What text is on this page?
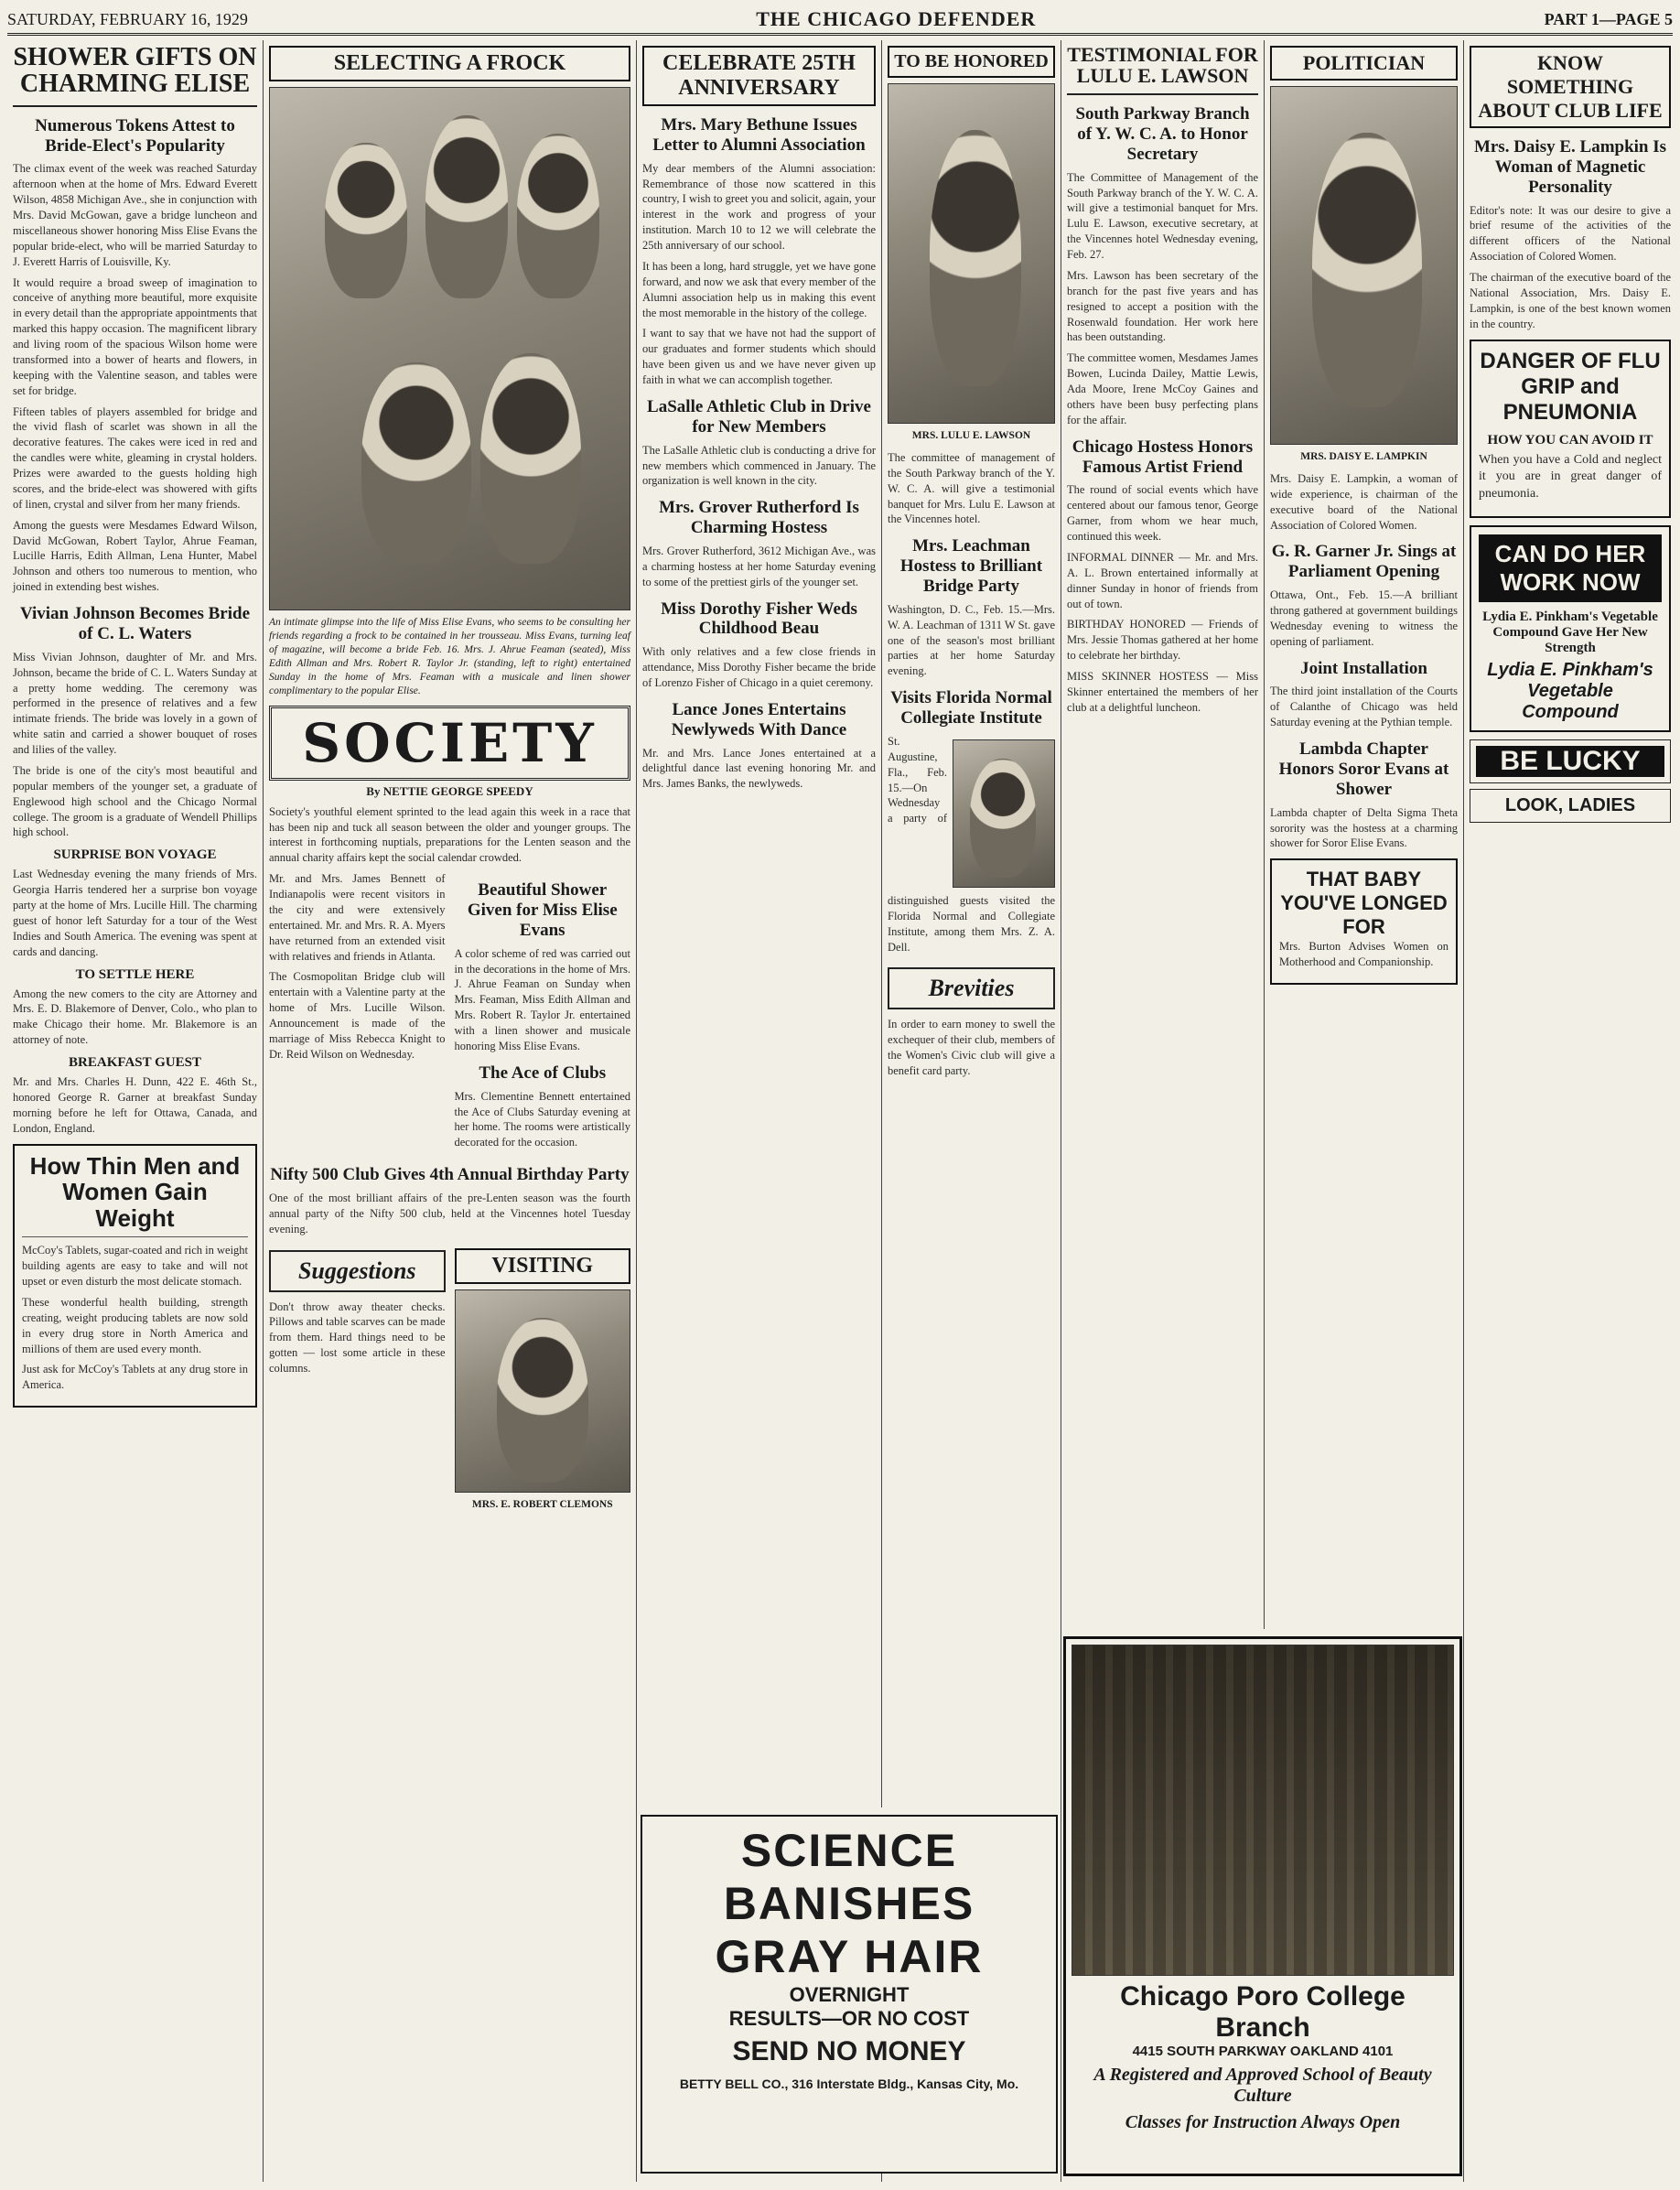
SATURDAY, FEBRUARY 16, 1929	THE CHICAGO DEFENDER	PART 1—PAGE 5
SHOWER GIFTS ON CHARMING ELISE
Numerous Tokens Attest to Bride-Elect's Popularity

The climax event of the week was reached Saturday afternoon when at the home of Mrs. Edward Everett Wilson, 4858 Michigan Ave., she in conjunction with Mrs. David McGowan, gave a bridge luncheon and miscellaneous shower honoring Miss Elise Evans the popular bride-elect, who will be married Saturday to J. Everett Harris of Louisville, Ky.

It would require a broad sweep of imagination to conceive of anything more beautiful, more exquisite in every detail than the appropriate appointments that marked this happy occasion. The magnificent library and living room of the spacious Wilson home were transformed into a bower of hearts and flowers, in keeping with the Valentine season, and tables were set for bridge.

Fifteen tables of players assembled for bridge and the vivid flash of scarlet was shown in all the decorative features. The cakes were iced in red and the candles were white, gleaming in crystal holders. Prizes were awarded to the guests holding high scores, and the bride-elect was showered with gifts of linen, crystal and silver from her many friends.

Among the guests were Mesdames Edward Wilson, David McGowan, Robert Taylor, Ahrue Feaman, Lucille Harris, Edith Allman, Lena Hunter, Mabel Johnson and others too numerous to mention, who joined in extending best wishes.

Vivian Johnson Becomes Bride of C. L. Waters

Miss Vivian Johnson, daughter of Mr. and Mrs. Johnson, became the bride of C. L. Waters Sunday at a pretty home wedding. The ceremony was performed in the presence of relatives and a few intimate friends. The bride was lovely in a gown of white satin and carried a shower bouquet of roses and lilies of the valley.

The bride is one of the city's most beautiful and popular members of the younger set, a graduate of Englewood high school and the Chicago Normal college. The groom is a graduate of Wendell Phillips high school.

SURPRISE BON VOYAGE

Last Wednesday evening the many friends of Mrs. Georgia Harris tendered her a surprise bon voyage party at the home of Mrs. Lucille Hill. The charming guest of honor left Saturday for a tour of the West Indies and South America. The evening was spent at cards and dancing.

TO SETTLE HERE

Among the new comers to the city are Attorney and Mrs. E. D. Blakemore of Denver, Colo., who plan to make Chicago their home. Mr. Blakemore is an attorney of note.

BREAKFAST GUEST

Mr. and Mrs. Charles H. Dunn, 422 E. 46th St., honored George R. Garner at breakfast Sunday morning before he left for Ottawa, Canada, and London, England.

How Thin Men and Women Gain Weight

McCoy's Tablets, sugar-coated and rich in weight building agents are easy to take and will not upset or even disturb the most delicate stomach.

These wonderful health building, strength creating, weight producing tablets are now sold in every drug store in North America and millions of them are used every month.

Just ask for McCoy's Tablets at any drug store in America.

SELECTING A FROCK
An intimate glimpse into the life of Miss Elise Evans, who seems to be consulting her friends regarding a frock to be contained in her trousseau. Miss Evans, turning leaf of magazine, will become a bride Feb. 16. Mrs. J. Ahrue Feaman (seated), Miss Edith Allman and Mrs. Robert R. Taylor Jr. (standing, left to right) entertained Sunday in the home of Mrs. Feaman with a musicale and linen shower complimentary to the popular Elise.
SOCIETY
By NETTIE GEORGE SPEEDY

Society's youthful element sprinted to the lead again this week in a race that has been nip and tuck all season between the older and younger groups. The interest in forthcoming nuptials, preparations for the Lenten season and the annual charity affairs kept the social calendar crowded.

Mr. and Mrs. James Bennett of Indianapolis were recent visitors in the city and were extensively entertained. Mr. and Mrs. R. A. Myers have returned from an extended visit with relatives and friends in Atlanta.

The Cosmopolitan Bridge club will entertain with a Valentine party at the home of Mrs. Lucille Wilson. Announcement is made of the marriage of Miss Rebecca Knight to Dr. Reid Wilson on Wednesday.

Beautiful Shower Given for Miss Elise Evans

A color scheme of red was carried out in the decorations in the home of Mrs. J. Ahrue Feaman on Sunday when Mrs. Feaman, Miss Edith Allman and Mrs. Robert R. Taylor Jr. entertained with a linen shower and musicale honoring Miss Elise Evans.

The Ace of Clubs

Mrs. Clementine Bennett entertained the Ace of Clubs Saturday evening at her home. The rooms were artistically decorated for the occasion.

Nifty 500 Club Gives 4th Annual Birthday Party

One of the most brilliant affairs of the pre-Lenten season was the fourth annual party of the Nifty 500 club, held at the Vincennes hotel Tuesday evening.

Suggestions

Don't throw away theater checks. Pillows and table scarves can be made from them. Hard things need to be gotten — lost some article in these columns.

VISITING
MRS. E. ROBERT CLEMONS
CELEBRATE 25TH ANNIVERSARY
Mrs. Mary Bethune Issues Letter to Alumni Association

My dear members of the Alumni association: Remembrance of those now scattered in this country, I wish to greet you and solicit, again, your interest in the work and progress of your institution. March 10 to 12 we will celebrate the 25th anniversary of our school.

It has been a long, hard struggle, yet we have gone forward, and now we ask that every member of the Alumni association help us in making this event the most memorable in the history of the college.

I want to say that we have not had the support of our graduates and former students which should have been given us and we have never given up faith in what we can accomplish together.

LaSalle Athletic Club in Drive for New Members

The LaSalle Athletic club is conducting a drive for new members which commenced in January. The organization is well known in the city.

Mrs. Grover Rutherford Is Charming Hostess

Mrs. Grover Rutherford, 3612 Michigan Ave., was a charming hostess at her home Saturday evening to some of the prettiest girls of the younger set.

Miss Dorothy Fisher Weds Childhood Beau

With only relatives and a few close friends in attendance, Miss Dorothy Fisher became the bride of Lorenzo Fisher of Chicago in a quiet ceremony.

Lance Jones Entertains Newlyweds With Dance

Mr. and Mrs. Lance Jones entertained at a delightful dance last evening honoring Mr. and Mrs. James Banks, the newlyweds.

TO BE HONORED
MRS. LULU E. LAWSON

The committee of management of the South Parkway branch of the Y. W. C. A. will give a testimonial banquet for Mrs. Lulu E. Lawson at the Vincennes hotel.

Mrs. Leachman Hostess to Brilliant Bridge Party

Washington, D. C., Feb. 15.—Mrs. W. A. Leachman of 1311 W St. gave one of the season's most brilliant parties at her home Saturday evening.

Visits Florida Normal Collegiate Institute

St. Augustine, Fla., Feb. 15.—On Wednesday a party of distinguished guests visited the Florida Normal and Collegiate Institute, among them Mrs. Z. A. Dell.

Brevities

In order to earn money to swell the exchequer of their club, members of the Women's Civic club will give a benefit card party.

TESTIMONIAL FOR LULU E. LAWSON
South Parkway Branch of Y. W. C. A. to Honor Secretary

The Committee of Management of the South Parkway branch of the Y. W. C. A. will give a testimonial banquet for Mrs. Lulu E. Lawson, executive secretary, at the Vincennes hotel Wednesday evening, Feb. 27.

Mrs. Lawson has been secretary of the branch for the past five years and has resigned to accept a position with the Rosenwald foundation. Her work here has been outstanding.

The committee women, Mesdames James Bowen, Lucinda Dailey, Mattie Lewis, Ada Moore, Irene McCoy Gaines and others have been busy perfecting plans for the affair.

Chicago Hostess Honors Famous Artist Friend

The round of social events which have centered about our famous tenor, George Garner, from whom we hear much, continued this week.

INFORMAL DINNER — Mr. and Mrs. A. L. Brown entertained informally at dinner Sunday in honor of friends from out of town.

BIRTHDAY HONORED — Friends of Mrs. Jessie Thomas gathered at her home to celebrate her birthday.

MISS SKINNER HOSTESS — Miss Skinner entertained the members of her club at a delightful luncheon.

POLITICIAN
MRS. DAISY E. LAMPKIN

Mrs. Daisy E. Lampkin, a woman of wide experience, is chairman of the executive board of the National Association of Colored Women.

G. R. Garner Jr. Sings at Parliament Opening

Ottawa, Ont., Feb. 15.—A brilliant throng gathered at government buildings Wednesday evening to witness the opening of parliament.

Joint Installation

The third joint installation of the Courts of Calanthe of Chicago was held Saturday evening at the Pythian temple.

Lambda Chapter Honors Soror Evans at Shower

Lambda chapter of Delta Sigma Theta sorority was the hostess at a charming shower for Soror Elise Evans.

THAT BABY YOU'VE LONGED FOR

Mrs. Burton Advises Women on Motherhood and Companionship.

KNOW SOMETHING ABOUT CLUB LIFE
Mrs. Daisy E. Lampkin Is Woman of Magnetic Personality

Editor's note: It was our desire to give a brief resume of the activities of the different officers of the National Association of Colored Women.

The chairman of the executive board of the National Association, Mrs. Daisy E. Lampkin, is one of the best known women in the country.

DANGER OF FLU GRIP and PNEUMONIA
HOW YOU CAN AVOID IT

When you have a Cold and neglect it you are in great danger of pneumonia.

CAN DO HER WORK NOW
Lydia E. Pinkham's Vegetable Compound Gave Her New Strength
Lydia E. Pinkham's Vegetable Compound
BE LUCKY
LOOK, LADIES
SCIENCE BANISHES GRAY HAIR
OVERNIGHT
RESULTS—OR NO COST
SEND NO MONEY
BETTY BELL CO., 316 Interstate Bldg., Kansas City, Mo.
Chicago Poro College Branch
4415 SOUTH PARKWAY OAKLAND 4101
A Registered and Approved School of Beauty Culture
Classes for Instruction Always Open
